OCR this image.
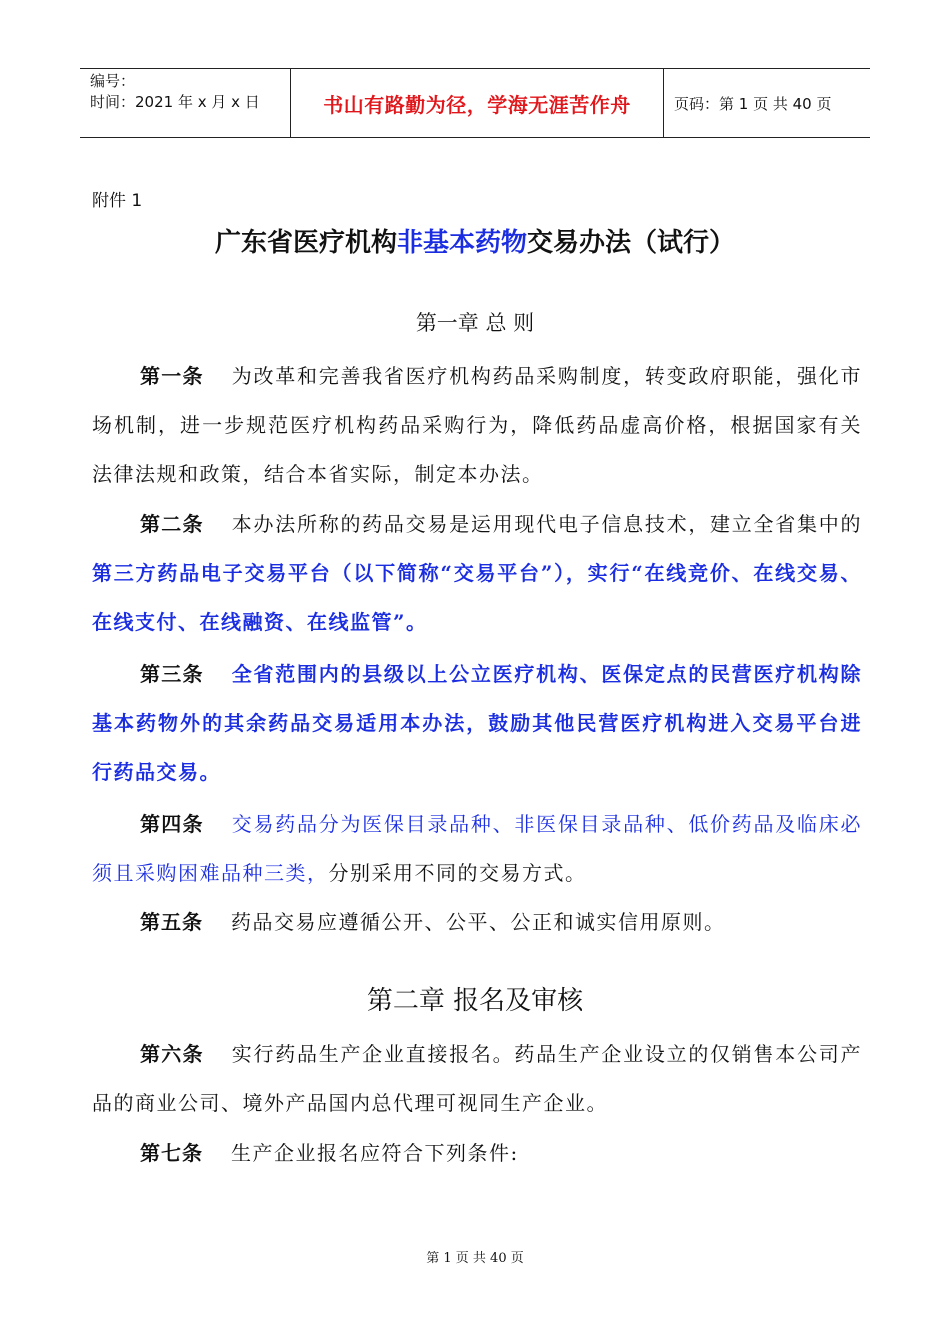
编号：
时间：2021 年 x 月 x 日	书山有路勤为径，学海无涯苦作舟	页码：第 1 页 共 40 页
附件 1
广东省医疗机构非基本药物交易办法（试行）
第一章 总 则

第一条 为改革和完善我省医疗机构药品采购制度，转变政府职能，强化市场机制，进一步规范医疗机构药品采购行为，降低药品虚高价格，根据国家有关法律法规和政策，结合本省实际，制定本办法。

第二条 本办法所称的药品交易是运用现代电子信息技术，建立全省集中的第三方药品电子交易平台（以下简称“交易平台”），实行“在线竞价、在线交易、在线支付、在线融资、在线监管”。

第三条 全省范围内的县级以上公立医疗机构、医保定点的民营医疗机构除基本药物外的其余药品交易适用本办法，鼓励其他民营医疗机构进入交易平台进行药品交易。

第四条 交易药品分为医保目录品种、非医保目录品种、低价药品及临床必须且采购困难品种三类，分别采用不同的交易方式。

第五条 药品交易应遵循公开、公平、公正和诚实信用原则。

第二章 报名及审核

第六条 实行药品生产企业直接报名。药品生产企业设立的仅销售本公司产品的商业公司、境外产品国内总代理可视同生产企业。

第七条 生产企业报名应符合下列条件:

第 1 页 共 40 页
